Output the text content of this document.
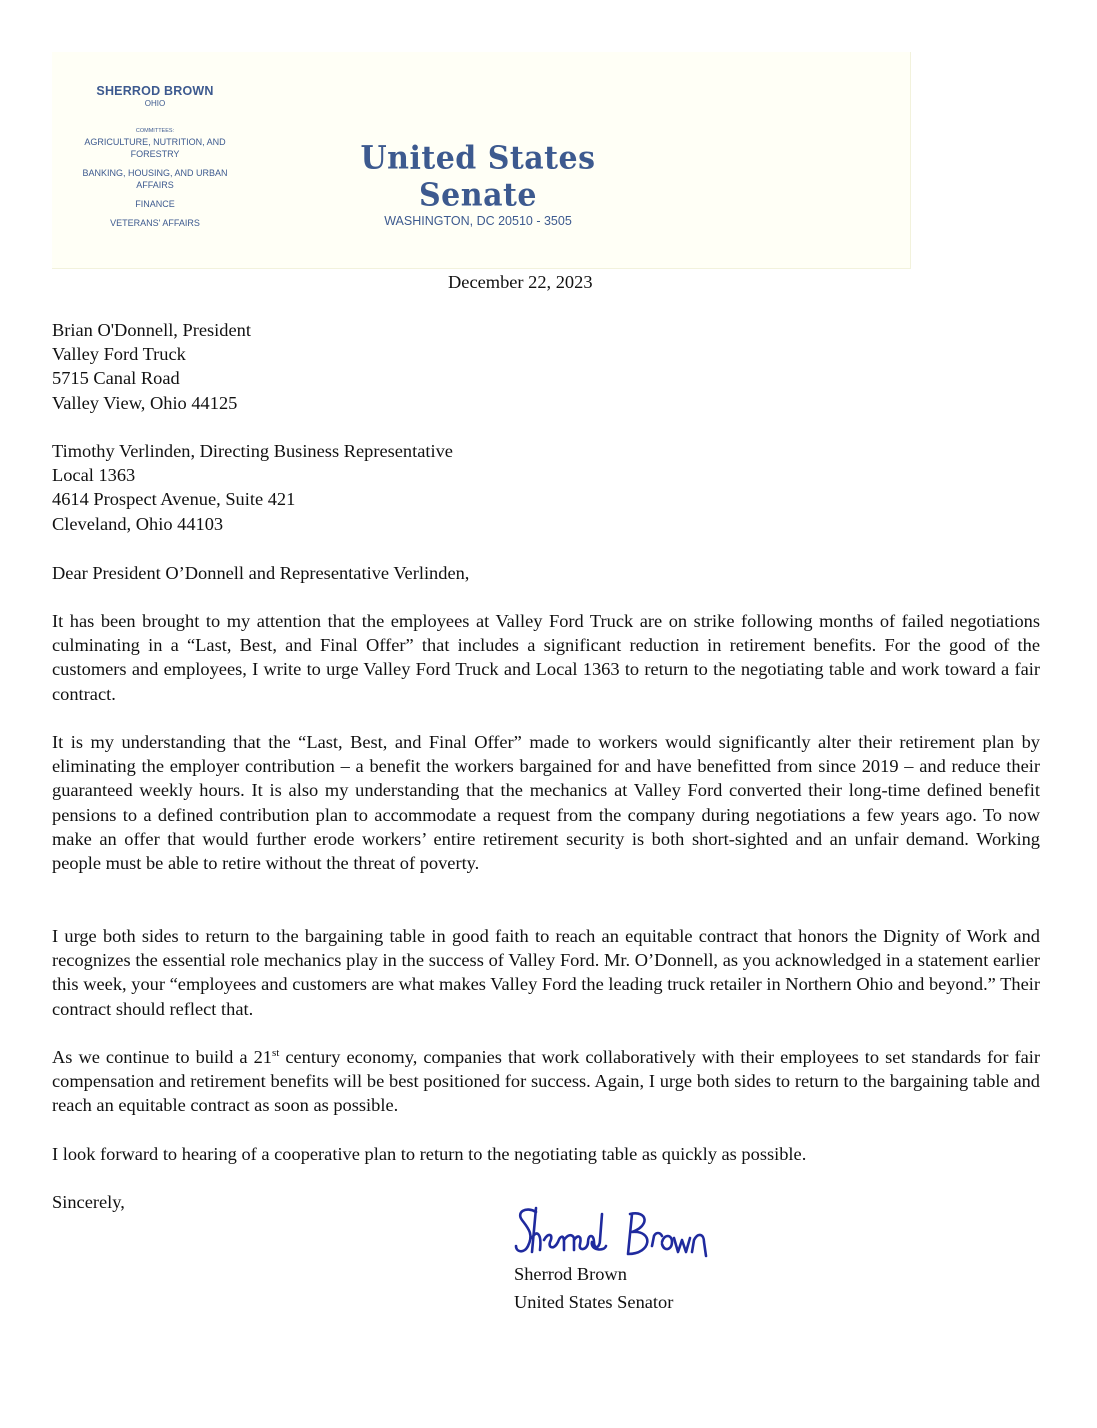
SHERROD BROWN
OHIO
COMMITTEES:
AGRICULTURE, NUTRITION, AND FORESTRY
BANKING, HOUSING, AND URBAN AFFAIRS
FINANCE
VETERANS' AFFAIRS
United States Senate
WASHINGTON, DC 20510 - 3505
December 22, 2023
Brian O'Donnell, President
Valley Ford Truck
5715 Canal Road
Valley View, Ohio 44125
Timothy Verlinden, Directing Business Representative
Local 1363
4614 Prospect Avenue, Suite 421
Cleveland, Ohio 44103
Dear President O’Donnell and Representative Verlinden,

It has been brought to my attention that the employees at Valley Ford Truck are on strike following months of failed negotiations culminating in a “Last, Best, and Final Offer” that includes a significant reduction in retirement benefits. For the good of the customers and employees, I write to urge Valley Ford Truck and Local 1363 to return to the negotiating table and work toward a fair contract.

It is my understanding that the “Last, Best, and Final Offer” made to workers would significantly alter their retirement plan by eliminating the employer contribution – a benefit the workers bargained for and have benefitted from since 2019 – and reduce their guaranteed weekly hours. It is also my understanding that the mechanics at Valley Ford converted their long-time defined benefit pensions to a defined contribution plan to accommodate a request from the company during negotiations a few years ago. To now make an offer that would further erode workers’ entire retirement security is both short-sighted and an unfair demand. Working people must be able to retire without the threat of poverty.

I urge both sides to return to the bargaining table in good faith to reach an equitable contract that honors the Dignity of Work and recognizes the essential role mechanics play in the success of Valley Ford. Mr. O’Donnell, as you acknowledged in a statement earlier this week, your “employees and customers are what makes Valley Ford the leading truck retailer in Northern Ohio and beyond.” Their contract should reflect that.

As we continue to build a 21st century economy, companies that work collaboratively with their employees to set standards for fair compensation and retirement benefits will be best positioned for success. Again, I urge both sides to return to the bargaining table and reach an equitable contract as soon as possible.

I look forward to hearing of a cooperative plan to return to the negotiating table as quickly as possible.
Sincerely,
Sherrod Brown
United States Senator
